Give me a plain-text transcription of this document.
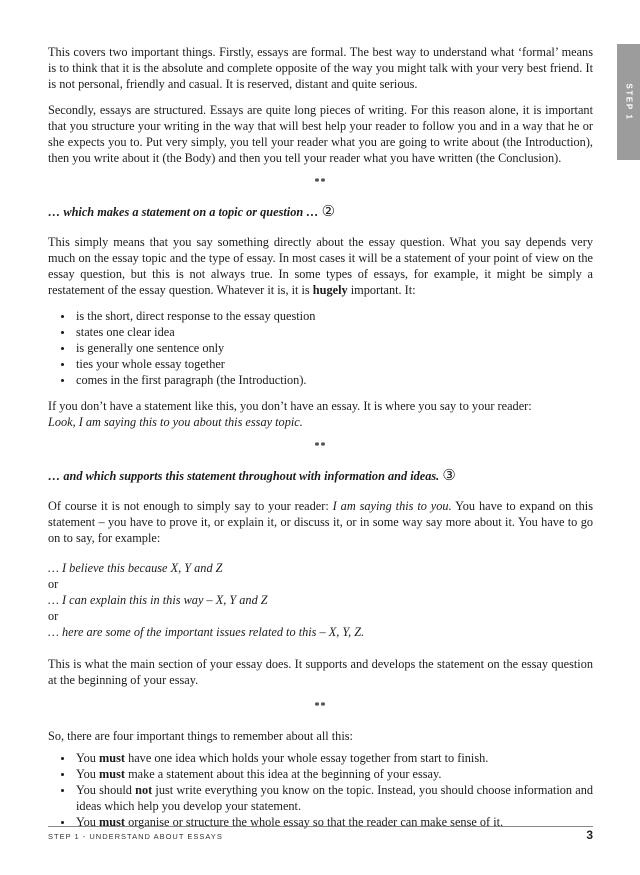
STEP 1

This covers two important things. Firstly, essays are formal. The best way to understand what ‘formal’ means is to think that it is the absolute and complete opposite of the way you might talk with your very best friend. It is not personal, friendly and casual. It is reserved, distant and quite serious.

Secondly, essays are structured. Essays are quite long pieces of writing. For this reason alone, it is important that you structure your writing in the way that will best help your reader to follow you and in a way that he or she expects you to. Put very simply, you tell your reader what you are going to write about (the Introduction), then you write about it (the Body) and then you tell your reader what you have written (the Conclusion).

**
… which makes a statement on a topic or question … ②

This simply means that you say something directly about the essay question. What you say depends very much on the essay topic and the type of essay. In most cases it will be a statement of your point of view on the essay question, but this is not always true. In some types of essays, for example, it might be simply a restatement of the essay question. Whatever it is, it is hugely important. It:

• is the short, direct response to the essay question
• states one clear idea
• is generally one sentence only
• ties your whole essay together
• comes in the first paragraph (the Introduction).

If you don’t have a statement like this, you don’t have an essay. It is where you say to your reader:

Look, I am saying this to you about this essay topic.

**
… and which supports this statement throughout with information and ideas. ③

Of course it is not enough to simply say to your reader: I am saying this to you. You have to expand on this statement – you have to prove it, or explain it, or discuss it, or in some way say more about it. You have to go on to say, for example:

… I believe this because X, Y and Z
or
… I can explain this in this way – X, Y and Z
or
… here are some of the important issues related to this – X, Y, Z.

This is what the main section of your essay does. It supports and develops the statement on the essay question at the beginning of your essay.

**

So, there are four important things to remember about all this:

• You must have one idea which holds your whole essay together from start to finish.
• You must make a statement about this idea at the beginning of your essay.
• You should not just write everything you know on the topic. Instead, you should choose information and ideas which help you develop your statement.
• You must organise or structure the whole essay so that the reader can make sense of it.
STEP 1 - UNDERSTAND ABOUT ESSAYS	3
